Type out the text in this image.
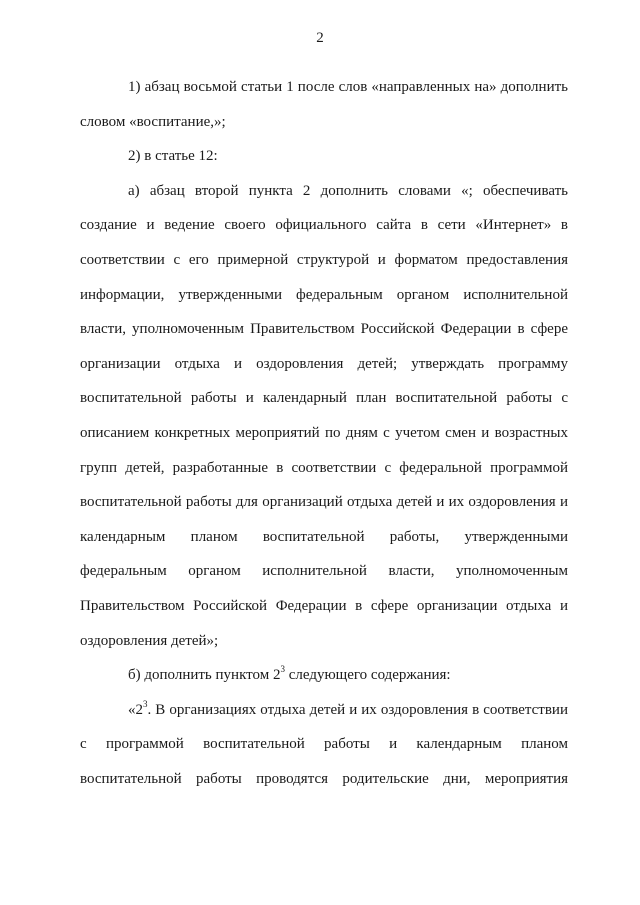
2

1) абзац восьмой статьи 1 после слов «направленных на» дополнить словом «воспитание,»;

2) в статье 12:

а) абзац второй пункта 2 дополнить словами «; обеспечивать создание и ведение своего официального сайта в сети «Интернет» в соответствии с его примерной структурой и форматом предоставления информации, утвержденными федеральным органом исполнительной власти, уполномоченным Правительством Российской Федерации в сфере организации отдыха и оздоровления детей; утверждать программу воспитательной работы и календарный план воспитательной работы с описанием конкретных мероприятий по дням с учетом смен и возрастных групп детей, разработанные в соответствии с федеральной программой воспитательной работы для организаций отдыха детей и их оздоровления и календарным планом воспитательной работы, утвержденными федеральным органом исполнительной власти, уполномоченным Правительством Российской Федерации в сфере организации отдыха и оздоровления детей»;

б) дополнить пунктом $2^3$ следующего содержания:

«$2^3$. В организациях отдыха детей и их оздоровления в соответствии с программой воспитательной работы и календарным планом воспитательной работы проводятся родительские дни, мероприятия
